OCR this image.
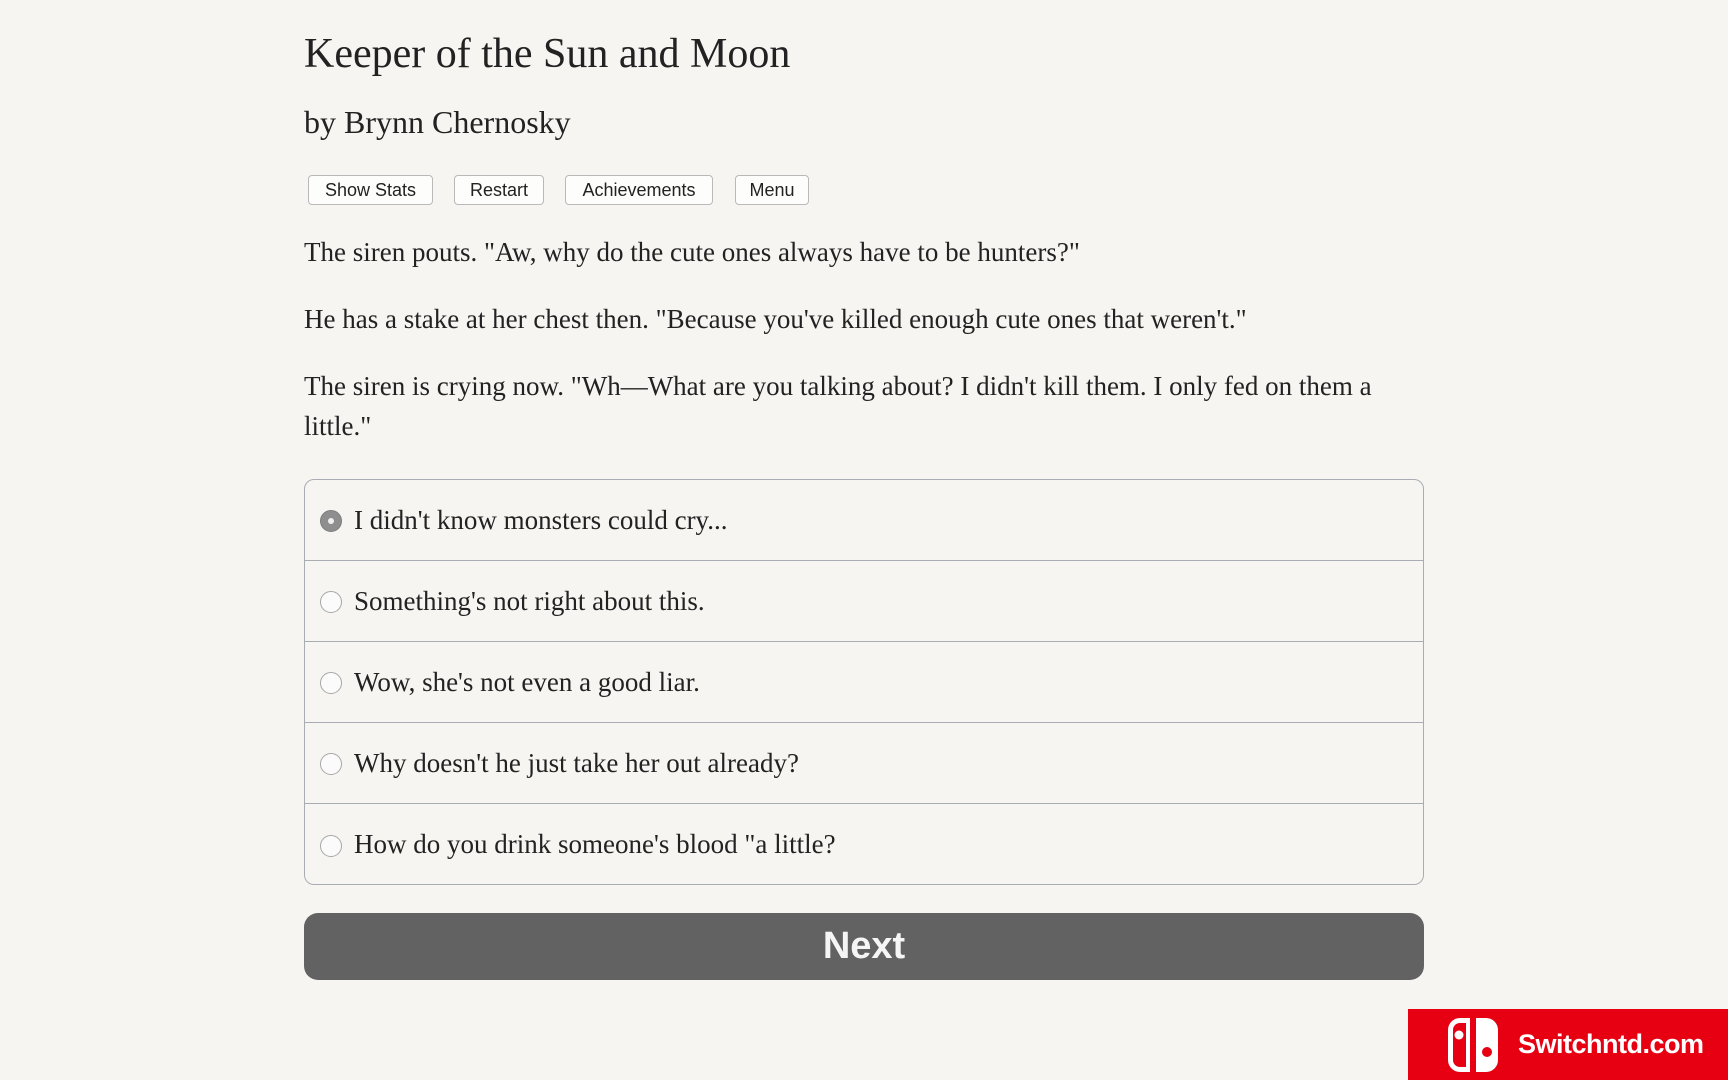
Keeper of the Sun and Moon
by Brynn Chernosky
Show Stats	Restart	Achievements	Menu

The siren pouts. "Aw, why do the cute ones always have to be hunters?"

He has a stake at her chest then. "Because you've killed enough cute ones that weren't."

The siren is crying now. "Wh—What are you talking about? I didn't kill them. I only fed on them a little."

I didn't know monsters could cry...
Something's not right about this.
Wow, she's not even a good liar.
Why doesn't he just take her out already?
How do you drink someone's blood "a little?
Next
Switchntd.com
